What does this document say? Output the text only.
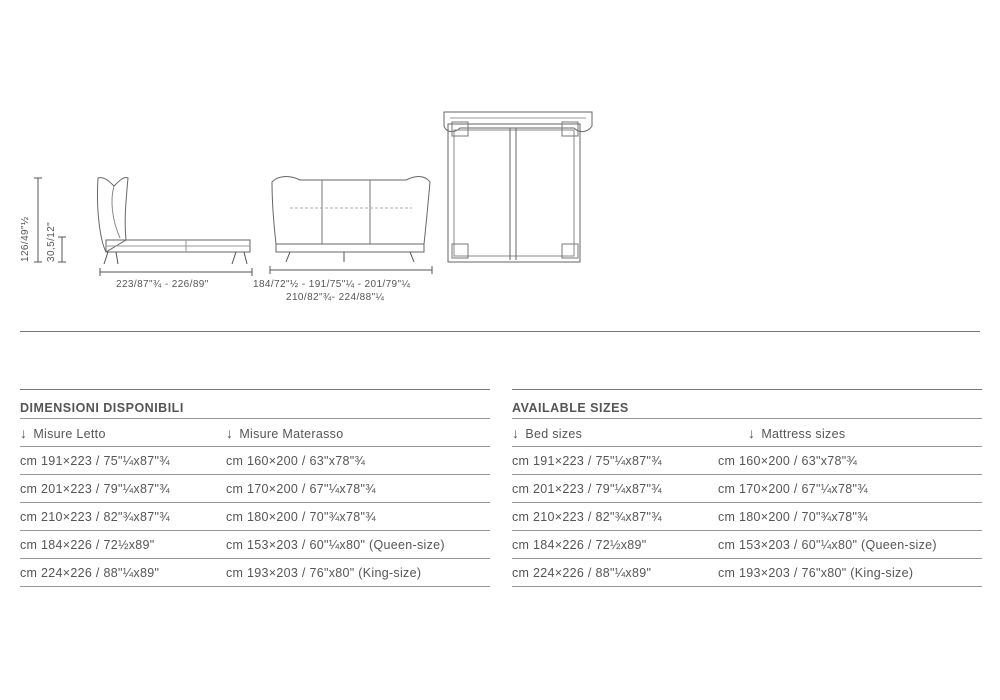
126/49"½ 30,5/12"
223/87"¾ - 226/89"	184/72"½ - 191/75"¼ - 201/79"¼
210/82"¾- 224/88"¼
DIMENSIONI DISPONIBILI
↓ Misure Letto	↓ Misure Materasso
cm 191×223 / 75"¼x87"¾	cm 160×200 / 63"x78"¾
cm 201×223 / 79"¼x87"¾	cm 170×200 / 67"¼x78"¾
cm 210×223 / 82"¾x87"¾	cm 180×200 / 70"¾x78"¾
cm 184×226 / 72½x89"	cm 153×203 / 60"¼x80" (Queen-size)
cm 224×226 / 88"¼x89"	cm 193×203 / 76"x80" (King-size)
AVAILABLE SIZES
↓ Bed sizes	↓ Mattress sizes
cm 191×223 / 75"¼x87"¾	cm 160×200 / 63"x78"¾
cm 201×223 / 79"¼x87"¾	cm 170×200 / 67"¼x78"¾
cm 210×223 / 82"¾x87"¾	cm 180×200 / 70"¾x78"¾
cm 184×226 / 72½x89"	cm 153×203 / 60"¼x80" (Queen-size)
cm 224×226 / 88"¼x89"	cm 193×203 / 76"x80" (King-size)
